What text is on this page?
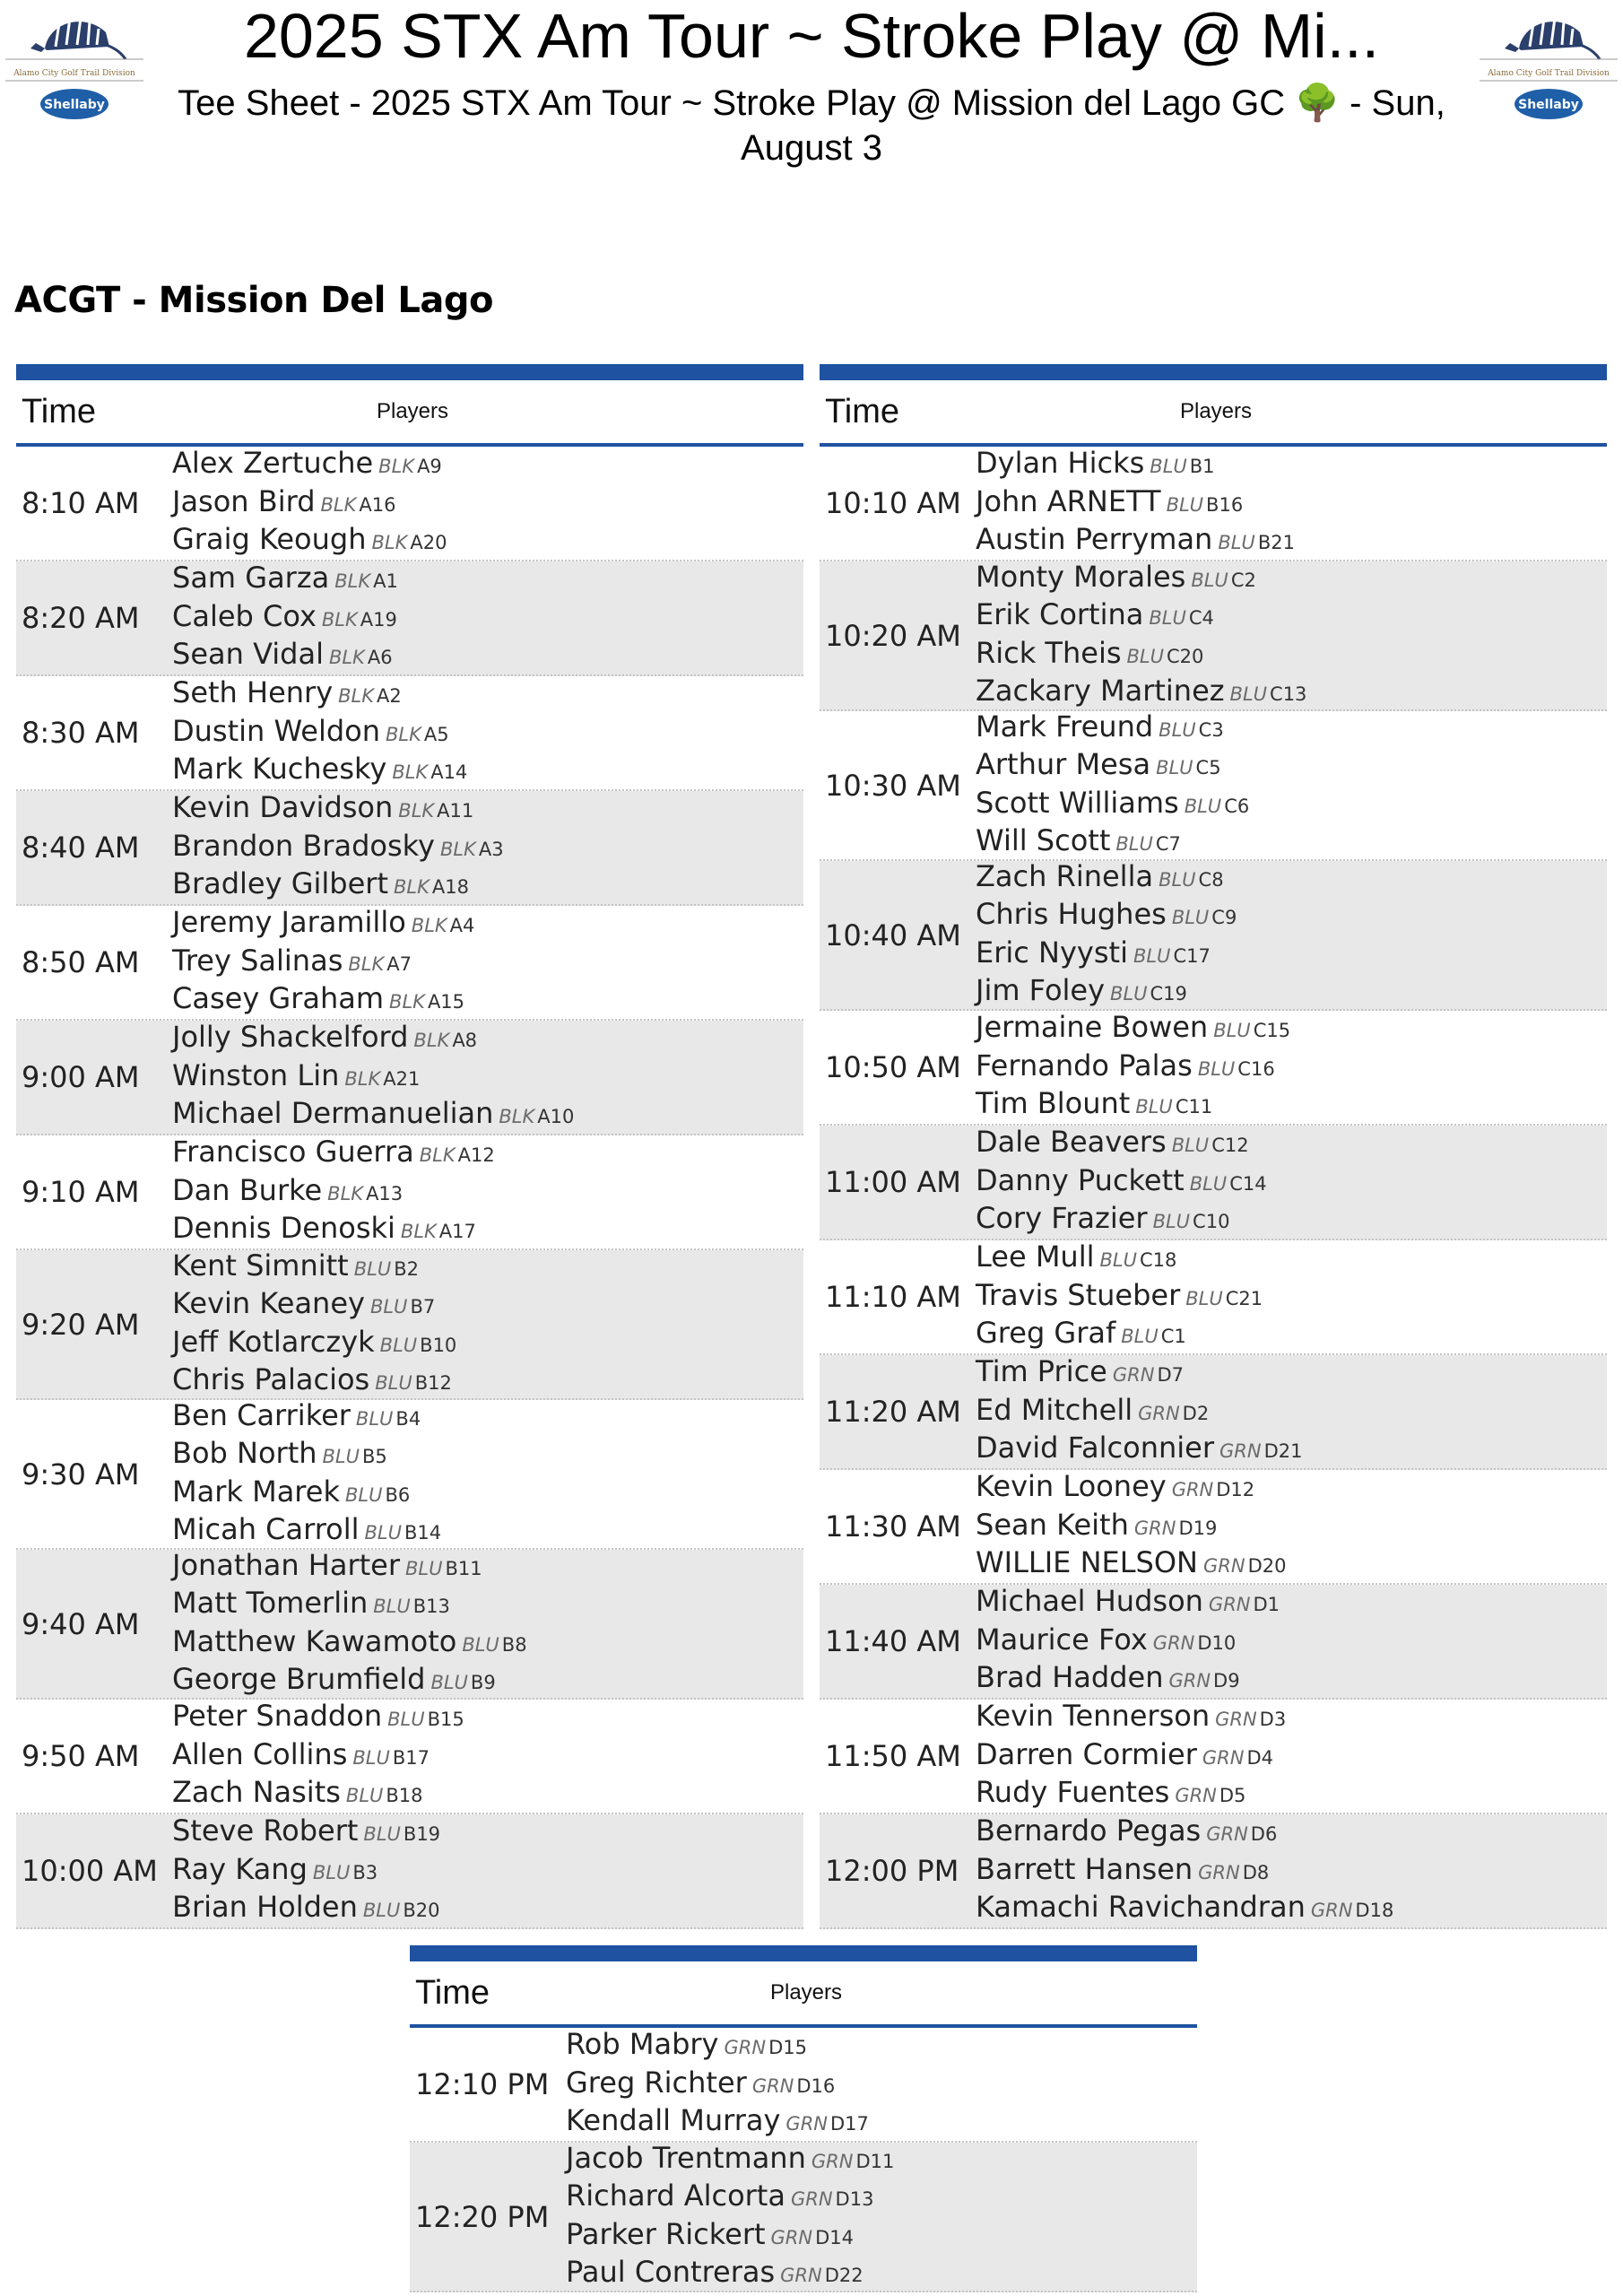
Alamo City Golf Trail Division
Shellaby
Alamo City Golf Trail Division
Shellaby
2025 STX Am Tour ~ Stroke Play @ Mi...
Tee Sheet - 2025 STX Am Tour ~ Stroke Play @ Mission del Lago GC 🌳 - Sun, August 3
ACGT - Mission Del Lago
Time	Players
8:10 AM
Alex Zertuche BLK A9
Jason Bird BLK A16
Graig Keough BLK A20
8:20 AM
Sam Garza BLK A1
Caleb Cox BLK A19
Sean Vidal BLK A6
8:30 AM
Seth Henry BLK A2
Dustin Weldon BLK A5
Mark Kuchesky BLK A14
8:40 AM
Kevin Davidson BLK A11
Brandon Bradosky BLK A3
Bradley Gilbert BLK A18
8:50 AM
Jeremy Jaramillo BLK A4
Trey Salinas BLK A7
Casey Graham BLK A15
9:00 AM
Jolly Shackelford BLK A8
Winston Lin BLK A21
Michael Dermanuelian BLK A10
9:10 AM
Francisco Guerra BLK A12
Dan Burke BLK A13
Dennis Denoski BLK A17
9:20 AM
Kent Simnitt BLU B2
Kevin Keaney BLU B7
Jeff Kotlarczyk BLU B10
Chris Palacios BLU B12
9:30 AM
Ben Carriker BLU B4
Bob North BLU B5
Mark Marek BLU B6
Micah Carroll BLU B14
9:40 AM
Jonathan Harter BLU B11
Matt Tomerlin BLU B13
Matthew Kawamoto BLU B8
George Brumfield BLU B9
9:50 AM
Peter Snaddon BLU B15
Allen Collins BLU B17
Zach Nasits BLU B18
10:00 AM
Steve Robert BLU B19
Ray Kang BLU B3
Brian Holden BLU B20
Time	Players
10:10 AM
Dylan Hicks BLU B1
John ARNETT BLU B16
Austin Perryman BLU B21
10:20 AM
Monty Morales BLU C2
Erik Cortina BLU C4
Rick Theis BLU C20
Zackary Martinez BLU C13
10:30 AM
Mark Freund BLU C3
Arthur Mesa BLU C5
Scott Williams BLU C6
Will Scott BLU C7
10:40 AM
Zach Rinella BLU C8
Chris Hughes BLU C9
Eric Nyysti BLU C17
Jim Foley BLU C19
10:50 AM
Jermaine Bowen BLU C15
Fernando Palas BLU C16
Tim Blount BLU C11
11:00 AM
Dale Beavers BLU C12
Danny Puckett BLU C14
Cory Frazier BLU C10
11:10 AM
Lee Mull BLU C18
Travis Stueber BLU C21
Greg Graf BLU C1
11:20 AM
Tim Price GRN D7
Ed Mitchell GRN D2
David Falconnier GRN D21
11:30 AM
Kevin Looney GRN D12
Sean Keith GRN D19
WILLIE NELSON GRN D20
11:40 AM
Michael Hudson GRN D1
Maurice Fox GRN D10
Brad Hadden GRN D9
11:50 AM
Kevin Tennerson GRN D3
Darren Cormier GRN D4
Rudy Fuentes GRN D5
12:00 PM
Bernardo Pegas GRN D6
Barrett Hansen GRN D8
Kamachi Ravichandran GRN D18
Time	Players
12:10 PM
Rob Mabry GRN D15
Greg Richter GRN D16
Kendall Murray GRN D17
12:20 PM
Jacob Trentmann GRN D11
Richard Alcorta GRN D13
Parker Rickert GRN D14
Paul Contreras GRN D22
